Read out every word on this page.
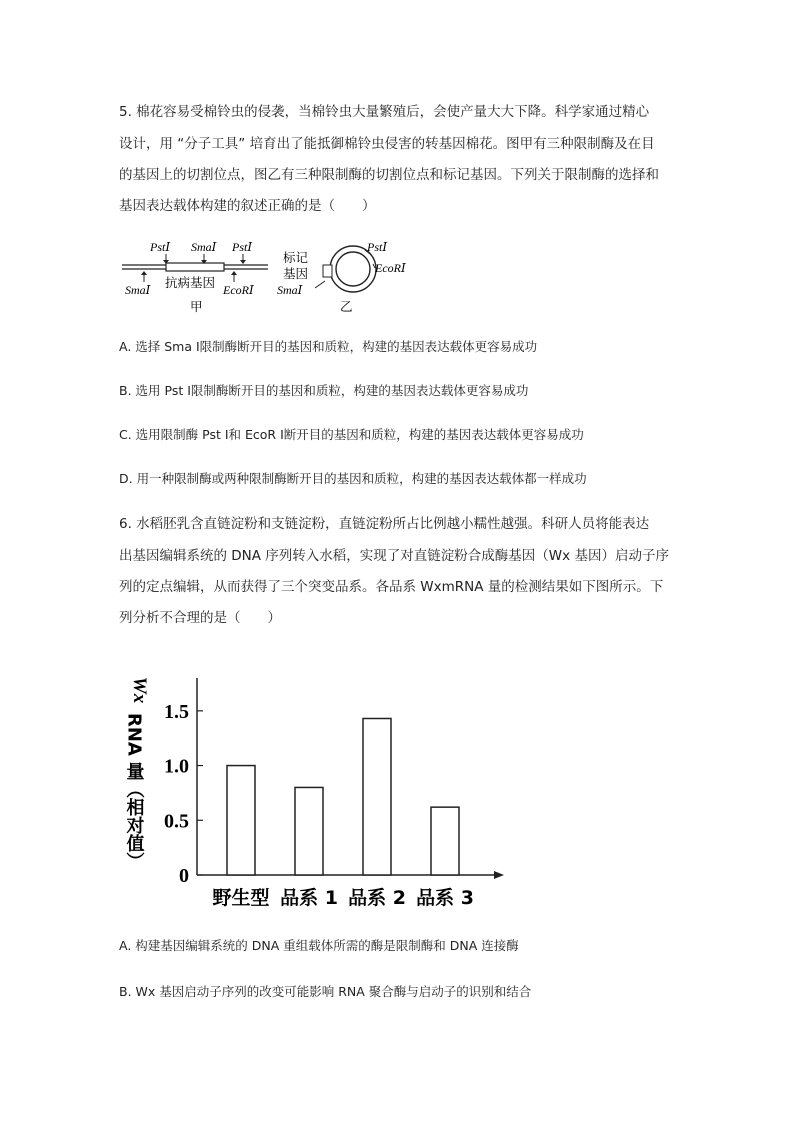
5. 棉花容易受棉铃虫的侵袭，当棉铃虫大量繁殖后，会使产量大大下降。科学家通过精心
设计，用 “分子工具” 培育出了能抵御棉铃虫侵害的转基因棉花。图甲有三种限制酶及在目
的基因上的切割位点，图乙有三种限制酶的切割位点和标记基因。下列关于限制酶的选择和
基因表达载体构建的叙述正确的是（　　）
PstⅠ SmaⅠ PstⅠ
抗病基因
SmaⅠ	EcoRⅠ
甲
标记
基因
SmaⅠ
PstⅠ
EcoRⅠ
乙
A. 选择 Sma Ⅰ限制酶断开目的基因和质粒，构建的基因表达载体更容易成功
B. 选用 Pst Ⅰ限制酶断开目的基因和质粒，构建的基因表达载体更容易成功
C. 选用限制酶 Pst Ⅰ和 EcoR Ⅰ断开目的基因和质粒，构建的基因表达载体更容易成功
D. 用一种限制酶或两种限制酶断开目的基因和质粒，构建的基因表达载体都一样成功
6. 水稻胚乳含直链淀粉和支链淀粉，直链淀粉所占比例越小糯性越强。科研人员将能表达
出基因编辑系统的 DNA 序列转入水稻，实现了对直链淀粉合成酶基因（Wx 基因）启动子序
列的定点编辑，从而获得了三个突变品系。各品系 WxmRNA 量的检测结果如下图所示。下
列分析不合理的是（　　）
Wx
RNA 量（相对值）
0
0.5
1.0
1.5
野生型 品系 1 品系 2 品系 3
A. 构建基因编辑系统的 DNA 重组载体所需的酶是限制酶和 DNA 连接酶
B. Wx 基因启动子序列的改变可能影响 RNA 聚合酶与启动子的识别和结合
